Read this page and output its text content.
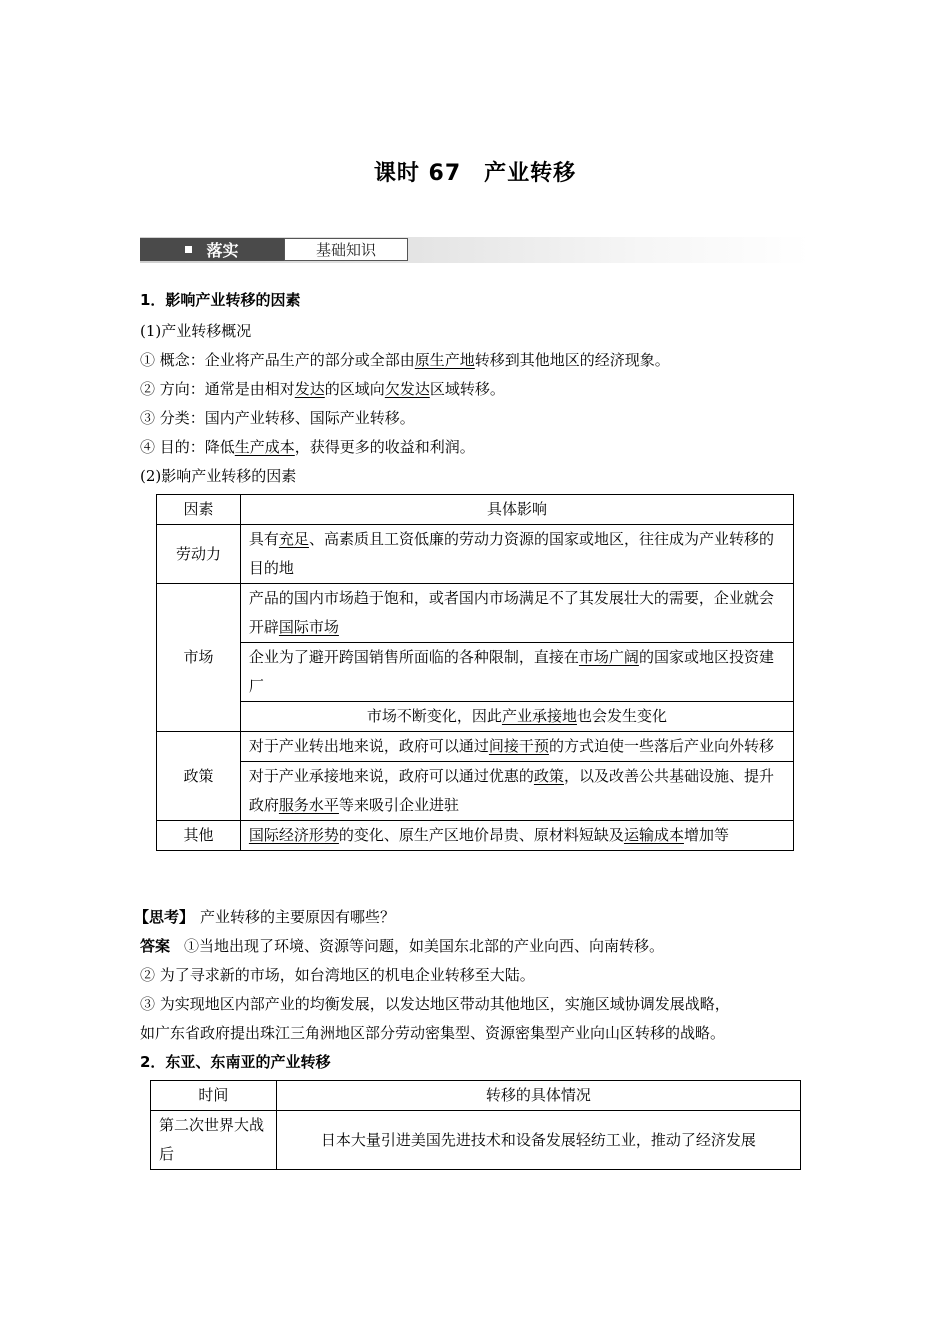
课时 67　产业转移
落实	基础知识
1．影响产业转移的因素
(1)产业转移概况
① 概念：企业将产品生产的部分或全部由原生产地转移到其他地区的经济现象。
② 方向：通常是由相对发达的区域向欠发达区域转移。
③ 分类：国内产业转移、国际产业转移。
④ 目的：降低生产成本，获得更多的收益和利润。
(2)影响产业转移的因素
因素	具体影响
劳动力	具有充足、高素质且工资低廉的劳动力资源的国家或地区，往往成为产业转移的目的地
市场	产品的国内市场趋于饱和，或者国内市场满足不了其发展壮大的需要，企业就会开辟国际市场
	企业为了避开跨国销售所面临的各种限制，直接在市场广阔的国家或地区投资建厂
	市场不断变化，因此产业承接地也会发生变化
政策	对于产业转出地来说，政府可以通过间接干预的方式迫使一些落后产业向外转移
	对于产业承接地来说，政府可以通过优惠的政策，以及改善公共基础设施、提升政府服务水平等来吸引企业进驻
其他	国际经济形势的变化、原生产区地价昂贵、原材料短缺及运输成本增加等
【思考】 产业转移的主要原因有哪些？
答案 ①当地出现了环境、资源等问题，如美国东北部的产业向西、向南转移。
② 为了寻求新的市场，如台湾地区的机电企业转移至大陆。
③ 为实现地区内部产业的均衡发展，以发达地区带动其他地区，实施区域协调发展战略，
如广东省政府提出珠江三角洲地区部分劳动密集型、资源密集型产业向山区转移的战略。
2．东亚、东南亚的产业转移
时间	转移的具体情况
第二次世界大战后	日本大量引进美国先进技术和设备发展轻纺工业，推动了经济发展
